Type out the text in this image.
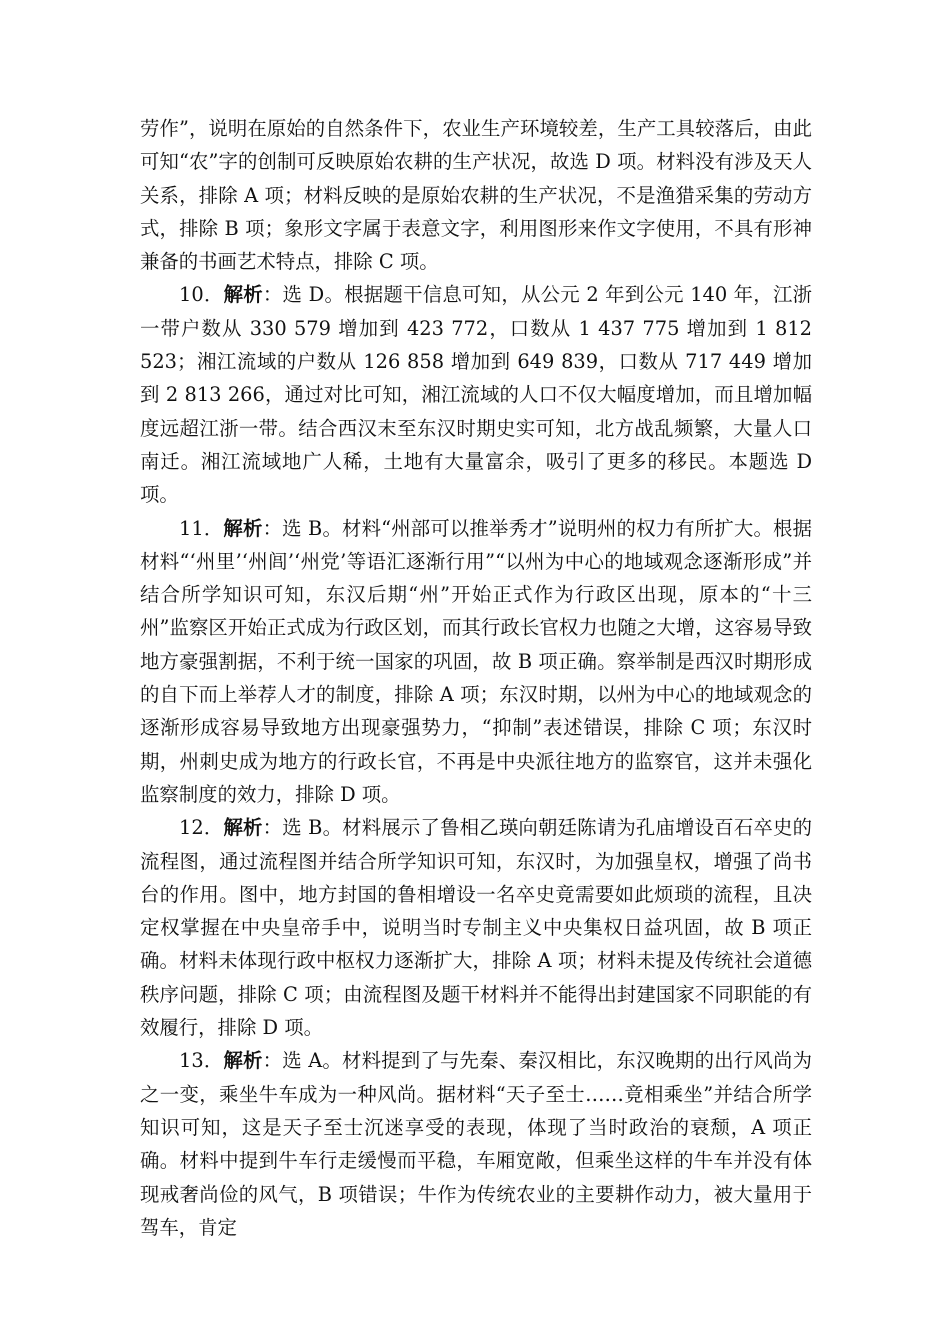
劳作”，说明在原始的自然条件下，农业生产环境较差，生产工具较落后，由此可知“农”字的创制可反映原始农耕的生产状况，故选 D 项。材料没有涉及天人关系，排除 A 项；材料反映的是原始农耕的生产状况，不是渔猎采集的劳动方式，排除 B 项；象形文字属于表意文字，利用图形来作文字使用，不具有形神兼备的书画艺术特点，排除 C 项。

10．解析：选 D。根据题干信息可知，从公元 2 年到公元 140 年，江浙一带户数从 330 579 增加到 423 772，口数从 1 437 775 增加到 1 812 523；湘江流域的户数从 126 858 增加到 649 839，口数从 717 449 增加到 2 813 266，通过对比可知，湘江流域的人口不仅大幅度增加，而且增加幅度远超江浙一带。结合西汉末至东汉时期史实可知，北方战乱频繁，大量人口南迁。湘江流域地广人稀，土地有大量富余，吸引了更多的移民。本题选 D 项。

11．解析：选 B。材料“州部可以推举秀才”说明州的权力有所扩大。根据材料“‘州里’‘州闾’‘州党’等语汇逐渐行用”“以州为中心的地域观念逐渐形成”并结合所学知识可知，东汉后期“州”开始正式作为行政区出现，原本的“十三州”监察区开始正式成为行政区划，而其行政长官权力也随之大增，这容易导致地方豪强割据，不利于统一国家的巩固，故 B 项正确。察举制是西汉时期形成的自下而上举荐人才的制度，排除 A 项；东汉时期，以州为中心的地域观念的逐渐形成容易导致地方出现豪强势力，“抑制”表述错误，排除 C 项；东汉时期，州刺史成为地方的行政长官，不再是中央派往地方的监察官，这并未强化监察制度的效力，排除 D 项。

12．解析：选 B。材料展示了鲁相乙瑛向朝廷陈请为孔庙增设百石卒史的流程图，通过流程图并结合所学知识可知，东汉时，为加强皇权，增强了尚书台的作用。图中，地方封国的鲁相增设一名卒史竟需要如此烦琐的流程，且决定权掌握在中央皇帝手中，说明当时专制主义中央集权日益巩固，故 B 项正确。材料未体现行政中枢权力逐渐扩大，排除 A 项；材料未提及传统社会道德秩序问题，排除 C 项；由流程图及题干材料并不能得出封建国家不同职能的有效履行，排除 D 项。

13．解析：选 A。材料提到了与先秦、秦汉相比，东汉晚期的出行风尚为之一变，乘坐牛车成为一种风尚。据材料“天子至士……竟相乘坐”并结合所学知识可知，这是天子至士沉迷享受的表现，体现了当时政治的衰颓，A 项正确。材料中提到牛车行走缓慢而平稳，车厢宽敞，但乘坐这样的牛车并没有体现戒奢尚俭的风气，B 项错误；牛作为传统农业的主要耕作动力，被大量用于驾车，肯定
